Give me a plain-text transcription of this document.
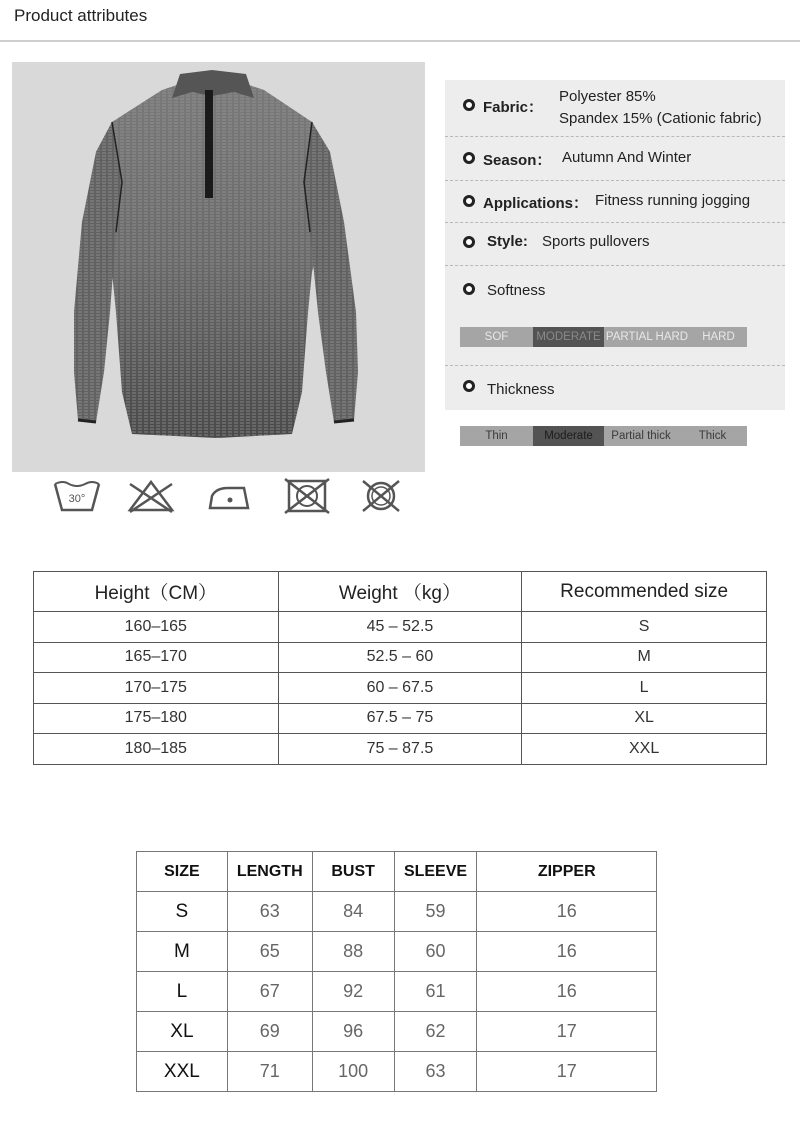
Product attributes
Fabric：
Polyester 85%
Spandex 15% (Cationic fabric)
Season： Autumn And Winter
Applications： Fitness running jogging
Style: Sports pullovers
Softness
Thickness
SOF	MODERATE PARTIAL HARD	HARD
Thin	Moderate	Partial thick	Thick
30°
Height（CM）	Weight （kg）	Recommended size
160–165	45 – 52.5	S
165–170	52.5 – 60	M
170–175	60 – 67.5	L
175–180	67.5 – 75	XL
180–185	75 – 87.5	XXL
SIZE	LENGTH	BUST	SLEEVE	ZIPPER
S	63	84	59	16
M	65	88	60	16
L	67	92	61	16
XL	69	96	62	17
XXL	71	100	63	17
